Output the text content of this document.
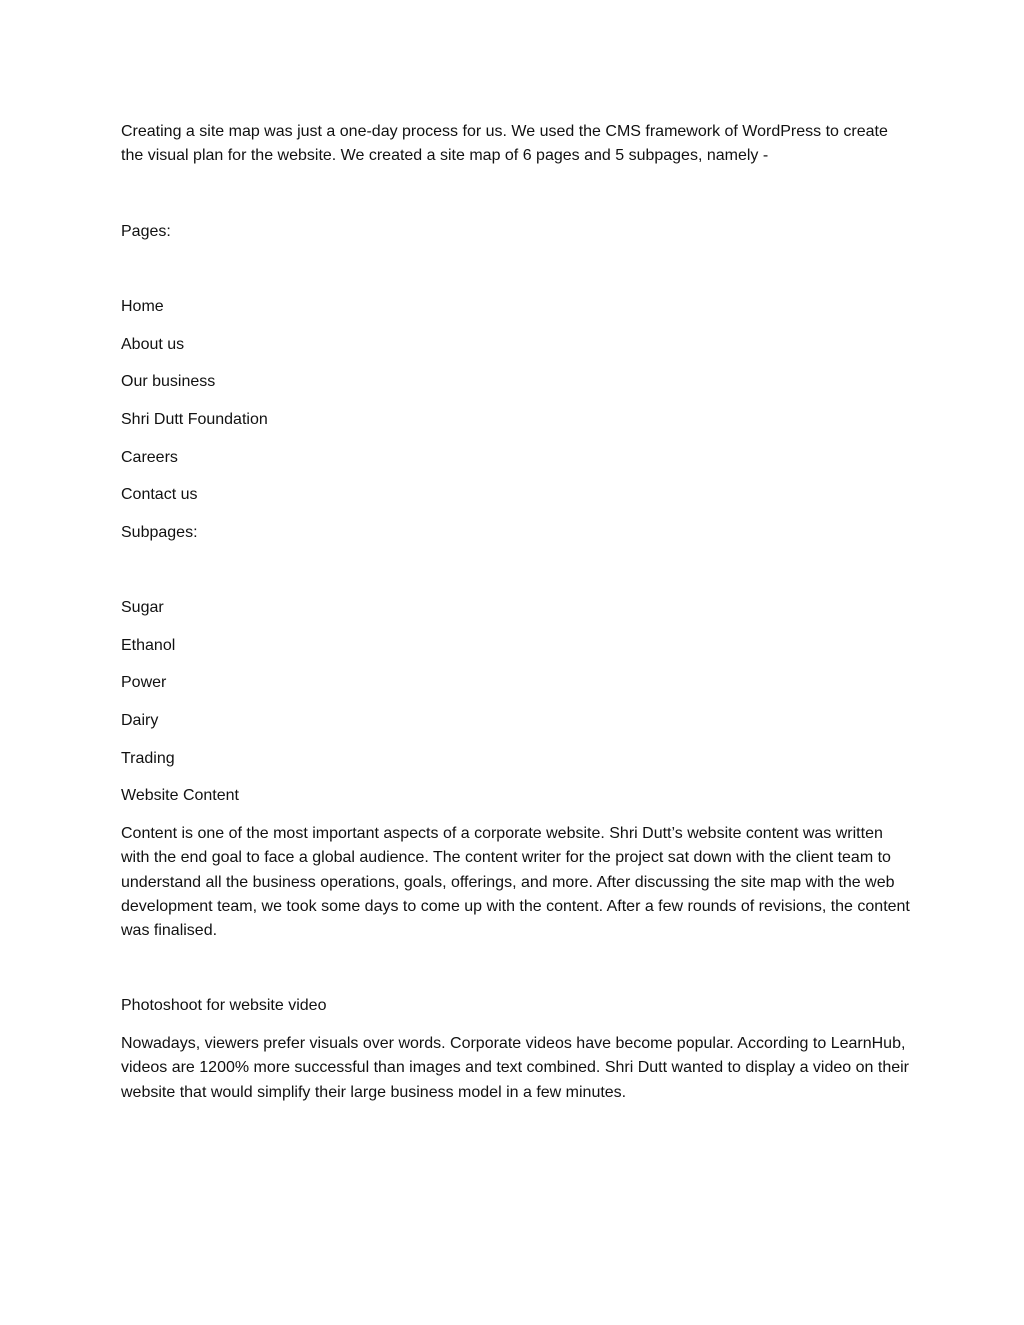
Creating a site map was just a one-day process for us. We used the CMS framework of WordPress to create the visual plan for the website. We created a site map of 6 pages and 5 subpages, namely -

Pages:

Home

About us

Our business

Shri Dutt Foundation

Careers

Contact us

Subpages:

Sugar

Ethanol

Power

Dairy

Trading

Website Content

Content is one of the most important aspects of a corporate website. Shri Dutt’s website content was written with the end goal to face a global audience. The content writer for the project sat down with the client team to understand all the business operations, goals, offerings, and more. After discussing the site map with the web development team, we took some days to come up with the content. After a few rounds of revisions, the content was finalised.

Photoshoot for website video

Nowadays, viewers prefer visuals over words. Corporate videos have become popular. According to LearnHub, videos are 1200% more successful than images and text combined. Shri Dutt wanted to display a video on their website that would simplify their large business model in a few minutes.
